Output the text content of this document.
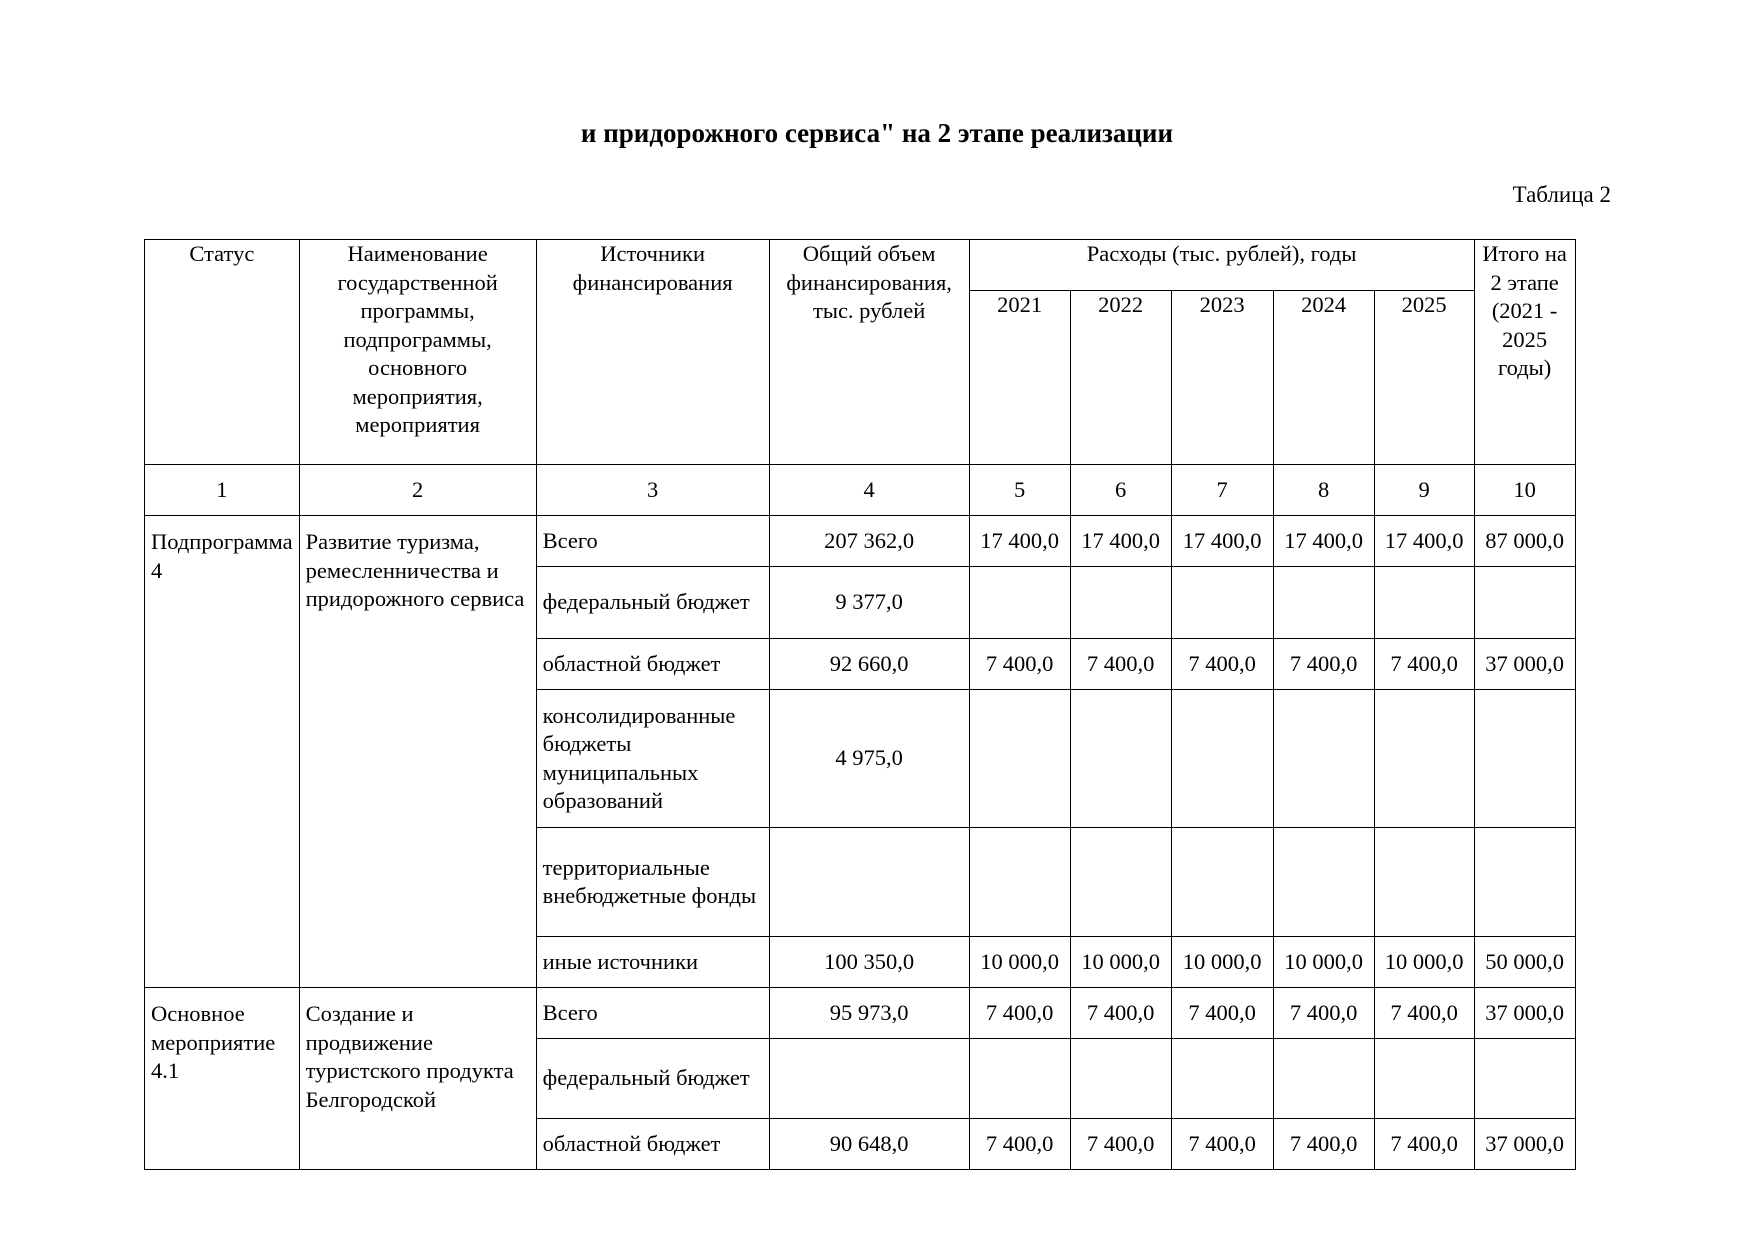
и придорожного сервиса" на 2 этапе реализации
Таблица 2
Статус	Наименование государственной программы, подпрограммы, основного мероприятия, мероприятия	Источники финансирования	Общий объем финансирования, тыс. рублей	Расходы (тыс. рублей), годы					Итого на 2 этапе (2021 - 2025 годы)
				2021	2022	2023	2024	2025	
1	2	3	4	5	6	7	8	9	10
Подпрограмма 4	Развитие туризма, ремесленничества и придорожного сервиса	Всего	207 362,0	17 400,0	17 400,0	17 400,0	17 400,0	17 400,0	87 000,0
		федеральный бюджет	9 377,0						
		областной бюджет	92 660,0	7 400,0	7 400,0	7 400,0	7 400,0	7 400,0	37 000,0
		консолидированные бюджеты муниципальных образований	4 975,0						
		территориальные внебюджетные фонды							
		иные источники	100 350,0	10 000,0	10 000,0	10 000,0	10 000,0	10 000,0	50 000,0
Основное мероприятие 4.1	Создание и продвижение туристского продукта Белгородской	Всего	95 973,0	7 400,0	7 400,0	7 400,0	7 400,0	7 400,0	37 000,0
		федеральный бюджет							
		областной бюджет	90 648,0	7 400,0	7 400,0	7 400,0	7 400,0	7 400,0	37 000,0
